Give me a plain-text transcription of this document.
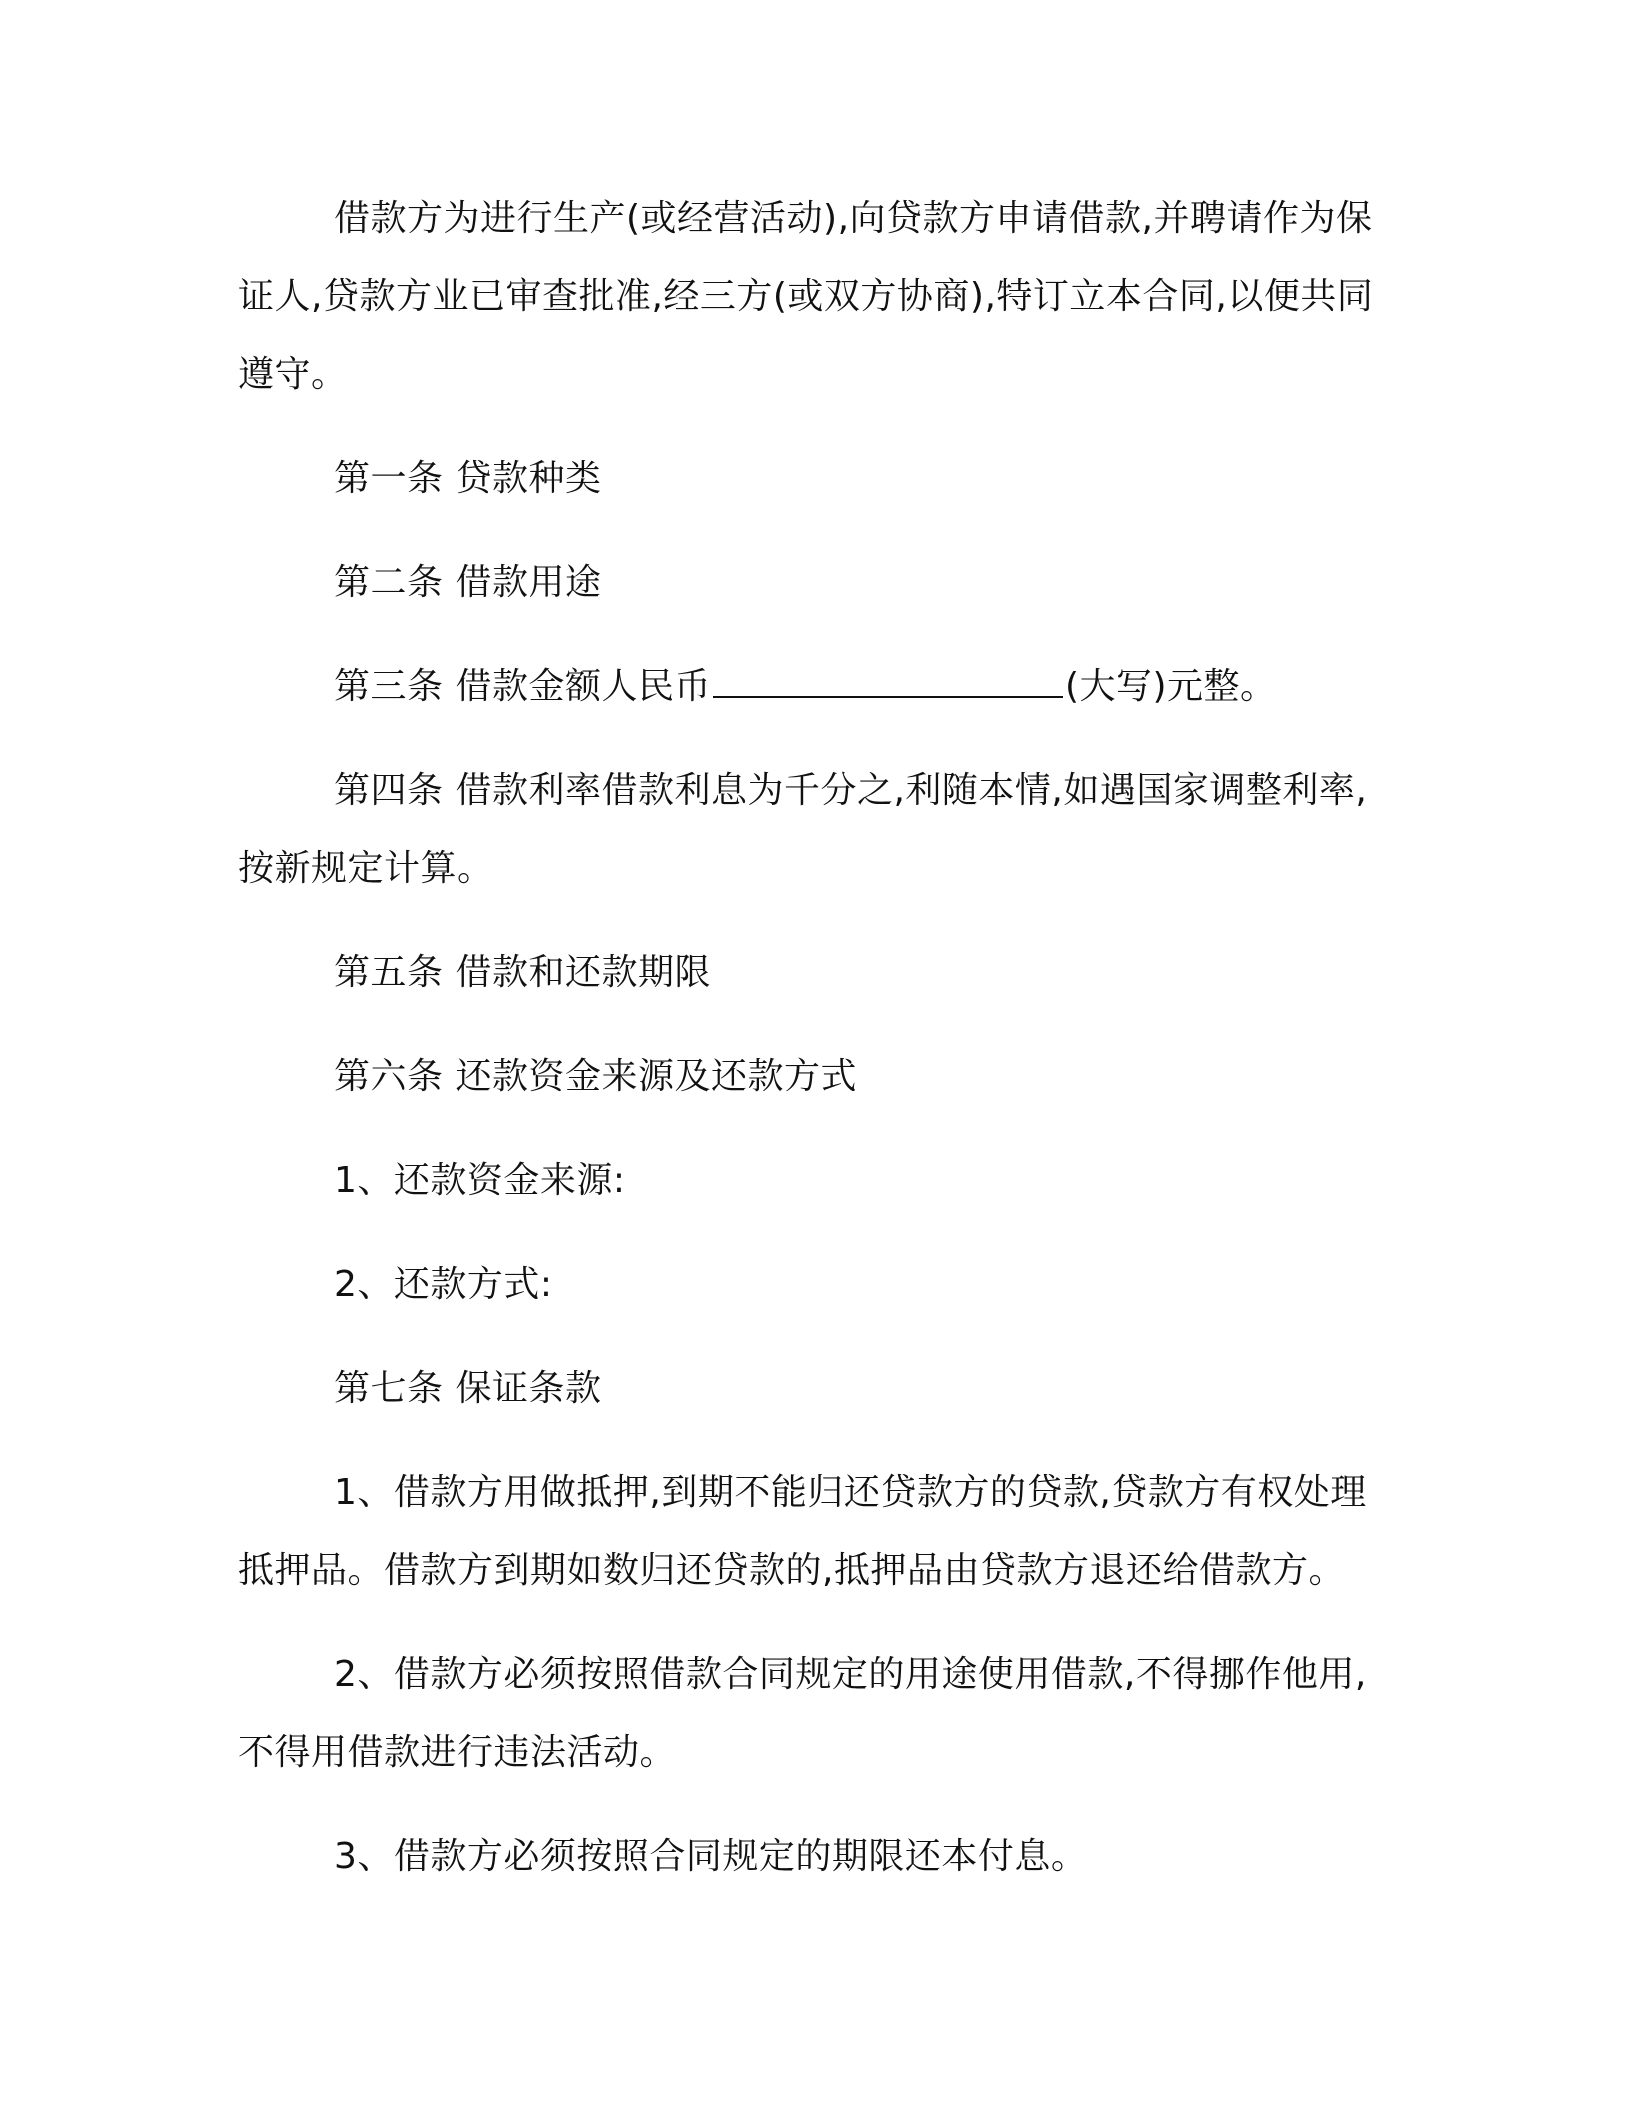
借款方为进行生产(或经营活动),向贷款方申请借款,并聘请作为保证人,贷款方业已审查批准,经三方(或双方协商),特订立本合同,以便共同遵守。

第一条 贷款种类

第二条 借款用途

第三条 借款金额人民币	(大写)元整。

第四条 借款利率借款利息为千分之,利随本情,如遇国家调整利率,按新规定计算。

第五条 借款和还款期限

第六条 还款资金来源及还款方式

1、还款资金来源:

2、还款方式:

第七条 保证条款

1、借款方用做抵押,到期不能归还贷款方的贷款,贷款方有权处理抵押品。借款方到期如数归还贷款的,抵押品由贷款方退还给借款方。

2、借款方必须按照借款合同规定的用途使用借款,不得挪作他用,不得用借款进行违法活动。

3、借款方必须按照合同规定的期限还本付息。
